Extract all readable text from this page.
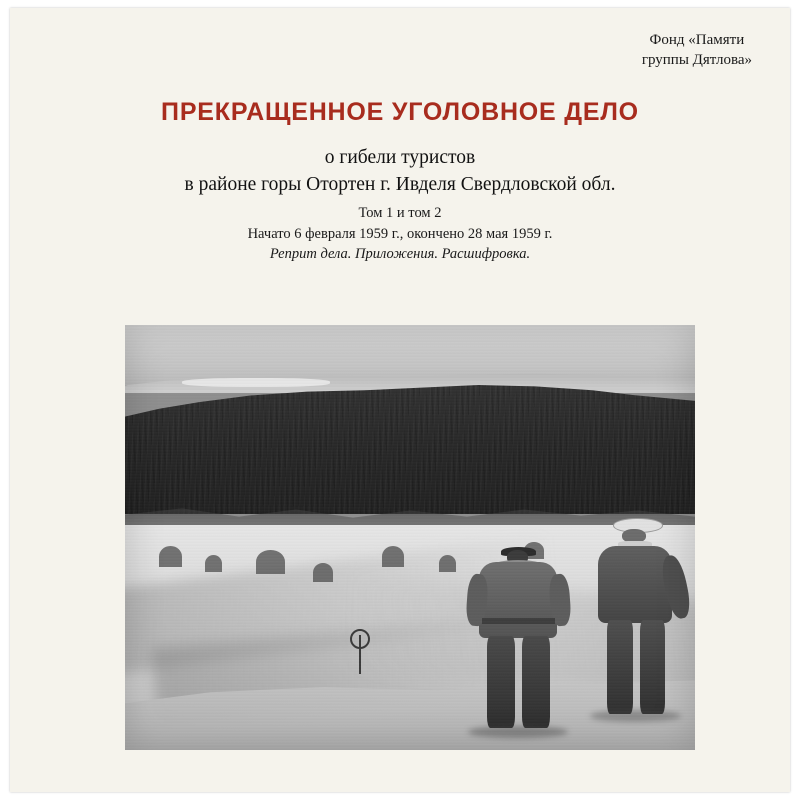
Фонд «Памяти
группы Дятлова»
ПРЕКРАЩЕННОЕ УГОЛОВНОЕ ДЕЛО
о гибели туристов
в районе горы Отортен г. Ивделя Свердловской обл.
Том 1 и том 2
Начато 6 февраля 1959 г., окончено 28 мая 1959 г.
Реприт дела. Приложения. Расшифровка.
